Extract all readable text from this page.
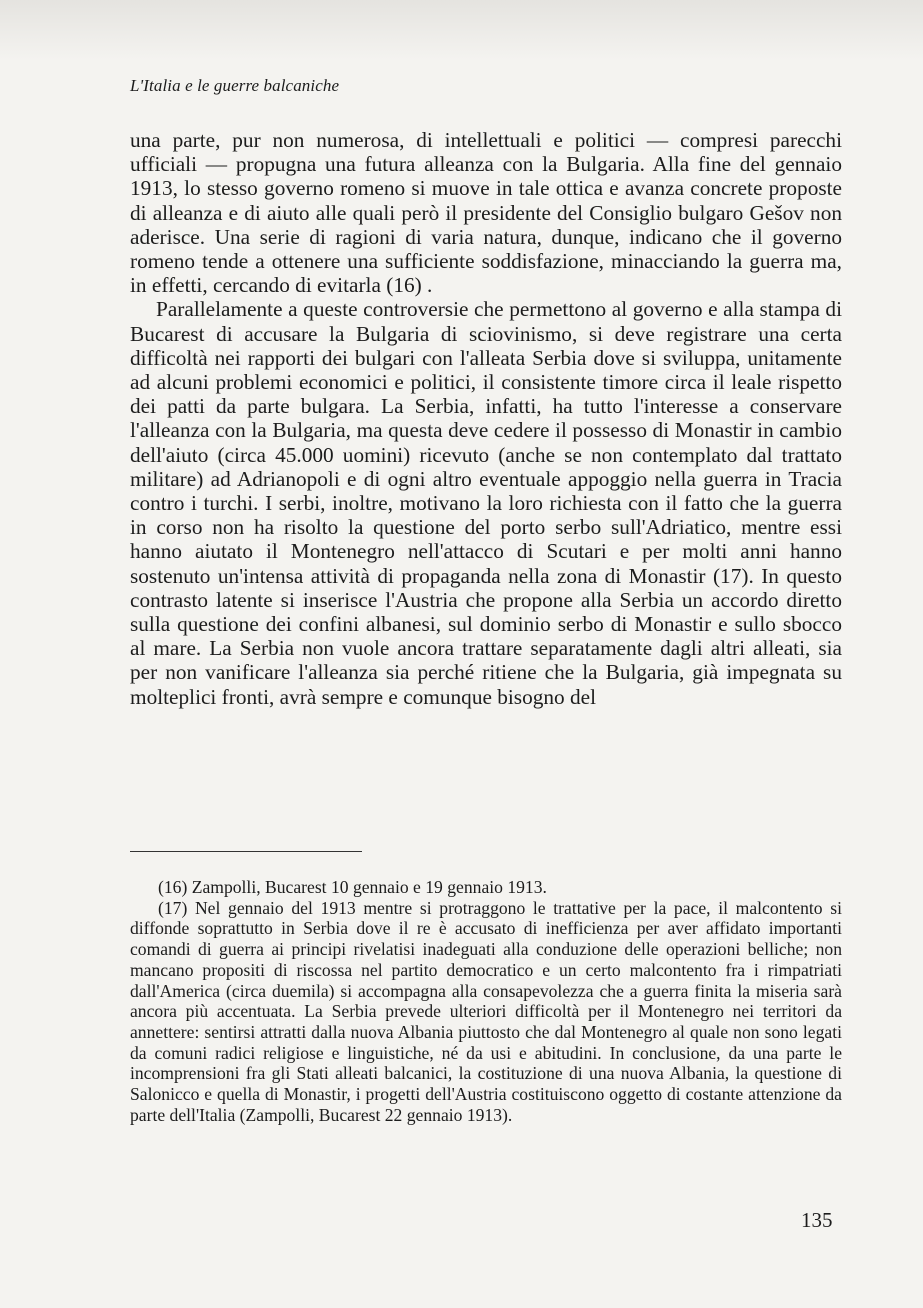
L'Italia e le guerre balcaniche

una parte, pur non numerosa, di intellettuali e politici — compresi parecchi ufficiali — propugna una futura alleanza con la Bulgaria. Alla fine del gennaio 1913, lo stesso governo romeno si muove in tale ottica e avanza concrete proposte di alleanza e di aiuto alle quali però il presidente del Consiglio bulgaro Gešov non aderisce. Una serie di ragioni di varia natura, dunque, indicano che il governo romeno tende a ottenere una sufficiente soddisfazione, minacciando la guerra ma, in effetti, cercando di evitarla (16) .

Parallelamente a queste controversie che permettono al governo e alla stampa di Bucarest di accusare la Bulgaria di sciovinismo, si deve registrare una certa difficoltà nei rapporti dei bulgari con l'alleata Serbia dove si sviluppa, unitamente ad alcuni problemi economici e politici, il consistente timore circa il leale rispetto dei patti da parte bulgara. La Serbia, infatti, ha tutto l'interesse a conservare l'alleanza con la Bulgaria, ma questa deve cedere il possesso di Monastir in cambio dell'aiuto (circa 45.000 uomini) ricevuto (anche se non contemplato dal trattato militare) ad Adrianopoli e di ogni altro eventuale appoggio nella guerra in Tracia contro i turchi. I serbi, inoltre, motivano la loro richiesta con il fatto che la guerra in corso non ha risolto la questione del porto serbo sull'Adriatico, mentre essi hanno aiutato il Montenegro nell'attacco di Scutari e per molti anni hanno sostenuto un'intensa attività di propaganda nella zona di Monastir (17). In questo contrasto latente si inserisce l'Austria che propone alla Serbia un accordo diretto sulla questione dei confini albanesi, sul dominio serbo di Monastir e sullo sbocco al mare. La Serbia non vuole ancora trattare separatamente dagli altri alleati, sia per non vanificare l'alleanza sia perché ritiene che la Bulgaria, già impegnata su molteplici fronti, avrà sempre e comunque bisogno del

(16) Zampolli, Bucarest 10 gennaio e 19 gennaio 1913.

(17) Nel gennaio del 1913 mentre si protraggono le trattative per la pace, il malcontento si diffonde soprattutto in Serbia dove il re è accusato di inefficienza per aver affidato importanti comandi di guerra ai principi rivelatisi inadeguati alla conduzione delle operazioni belliche; non mancano propositi di riscossa nel partito democratico e un certo malcontento fra i rimpatriati dall'America (circa duemila) si accompagna alla consapevolezza che a guerra finita la miseria sarà ancora più accentuata. La Serbia prevede ulteriori difficoltà per il Montenegro nei territori da annettere: sentirsi attratti dalla nuova Albania piuttosto che dal Montenegro al quale non sono legati da comuni radici religiose e linguistiche, né da usi e abitudini. In conclusione, da una parte le incomprensioni fra gli Stati alleati balcanici, la costituzione di una nuova Albania, la questione di Salonicco e quella di Monastir, i progetti dell'Austria costituiscono oggetto di costante attenzione da parte dell'Italia (Zampolli, Bucarest 22 gennaio 1913).

135
